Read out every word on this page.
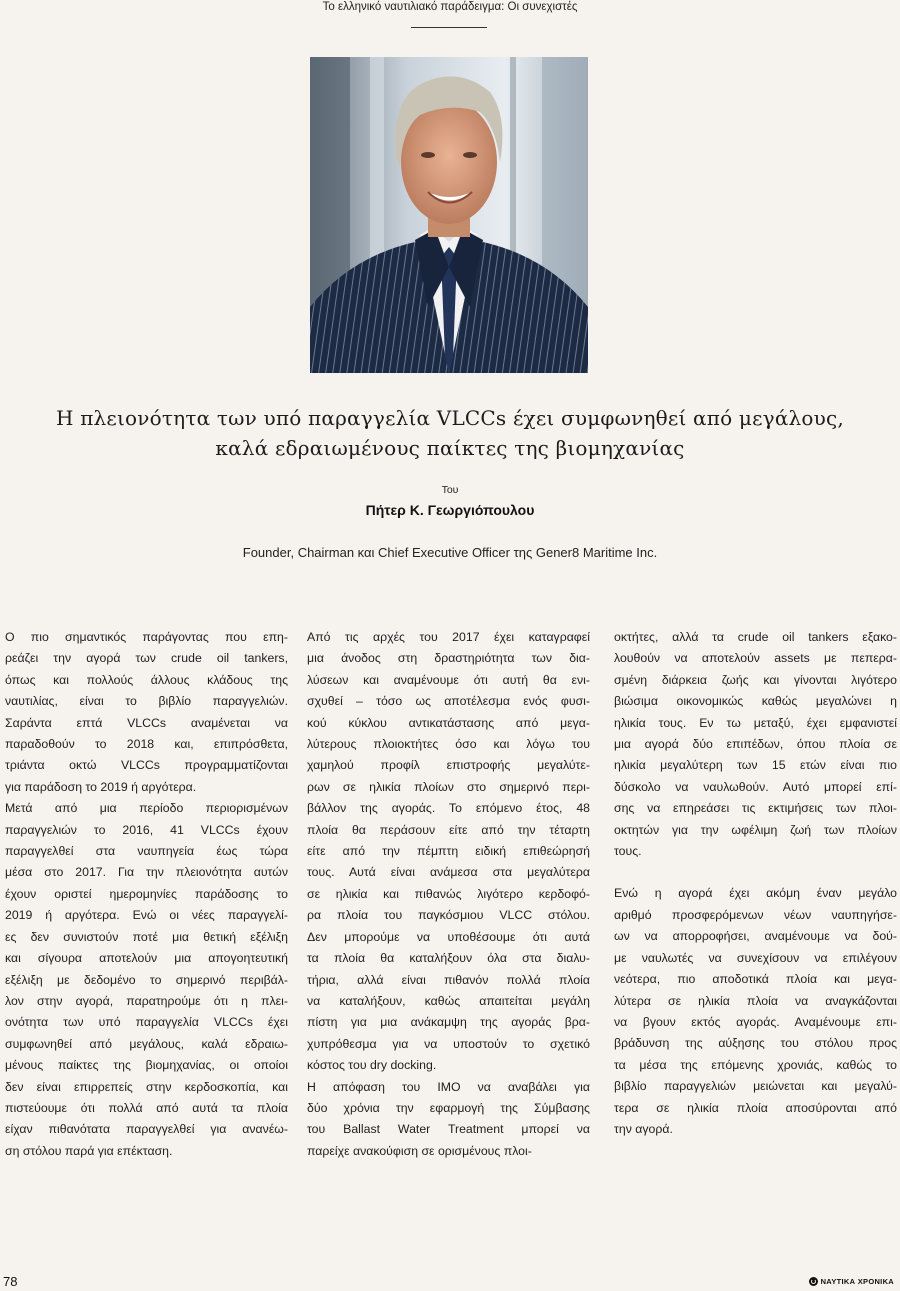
Το ελληνικό ναυτιλιακό παράδειγμα: Οι συνεχιστές
Η πλειονότητα των υπό παραγγελία VLCCs έχει συμφωνηθεί από μεγάλους,
καλά εδραιωμένους παίκτες της βιομηχανίας
Του
Πήτερ Κ. Γεωργιόπουλου
Founder, Chairman και Chief Executive Officer της Gener8 Maritime Inc.

Ο πιο σημαντικός παράγοντας που επη-

ρεάζει την αγορά των crude oil tankers,

όπως και πολλούς άλλους κλάδους της

ναυτιλίας, είναι το βιβλίο παραγγελιών.

Σαράντα επτά VLCCs αναμένεται να

παραδοθούν το 2018 και, επιπρόσθετα,

τριάντα οκτώ VLCCs προγραμματίζονται

για παράδοση το 2019 ή αργότερα.

Μετά από μια περίοδο περιορισμένων

παραγγελιών το 2016, 41 VLCCs έχουν

παραγγελθεί στα ναυπηγεία έως τώρα

μέσα στο 2017. Για την πλειονότητα αυτών

έχουν οριστεί ημερομηνίες παράδοσης το

2019 ή αργότερα. Ενώ οι νέες παραγγελί-

ες δεν συνιστούν ποτέ μια θετική εξέλιξη

και σίγουρα αποτελούν μια απογοητευτική

εξέλιξη με δεδομένο το σημερινό περιβάλ-

λον στην αγορά, παρατηρούμε ότι η πλει-

ονότητα των υπό παραγγελία VLCCs έχει

συμφωνηθεί από μεγάλους, καλά εδραιω-

μένους παίκτες της βιομηχανίας, οι οποίοι

δεν είναι επιρρεπείς στην κερδοσκοπία, και

πιστεύουμε ότι πολλά από αυτά τα πλοία

είχαν πιθανότατα παραγγελθεί για ανανέω-

ση στόλου παρά για επέκταση.

Από τις αρχές του 2017 έχει καταγραφεί

μια άνοδος στη δραστηριότητα των δια-

λύσεων και αναμένουμε ότι αυτή θα ενι-

σχυθεί – τόσο ως αποτέλεσμα ενός φυσι-

κού κύκλου αντικατάστασης από μεγα-

λύτερους πλοιοκτήτες όσο και λόγω του

χαμηλού προφίλ επιστροφής μεγαλύτε-

ρων σε ηλικία πλοίων στο σημερινό περι-

βάλλον της αγοράς. Το επόμενο έτος, 48

πλοία θα περάσουν είτε από την τέταρτη

είτε από την πέμπτη ειδική επιθεώρησή

τους. Αυτά είναι ανάμεσα στα μεγαλύτερα

σε ηλικία και πιθανώς λιγότερο κερδοφό-

ρα πλοία του παγκόσμιου VLCC στόλου.

Δεν μπορούμε να υποθέσουμε ότι αυτά

τα πλοία θα καταλήξουν όλα στα διαλυ-

τήρια, αλλά είναι πιθανόν πολλά πλοία

να καταλήξουν, καθώς απαιτείται μεγάλη

πίστη για μια ανάκαμψη της αγοράς βρα-

χυπρόθεσμα για να υποστούν το σχετικό

κόστος του dry docking.

Η απόφαση του IMO να αναβάλει για

δύο χρόνια την εφαρμογή της Σύμβασης

του Ballast Water Treatment μπορεί να

παρείχε ανακούφιση σε ορισμένους πλοι-

οκτήτες, αλλά τα crude oil tankers εξακο-

λουθούν να αποτελούν assets με πεπερα-

σμένη διάρκεια ζωής και γίνονται λιγότερο

βιώσιμα οικονομικώς καθώς μεγαλώνει η

ηλικία τους. Εν τω μεταξύ, έχει εμφανιστεί

μια αγορά δύο επιπέδων, όπου πλοία σε

ηλικία μεγαλύτερη των 15 ετών είναι πιο

δύσκολο να ναυλωθούν. Αυτό μπορεί επί-

σης να επηρεάσει τις εκτιμήσεις των πλοι-

οκτητών για την ωφέλιμη ζωή των πλοίων

τους.

Ενώ η αγορά έχει ακόμη έναν μεγάλο

αριθμό προσφερόμενων νέων ναυπηγήσε-

ων να απορροφήσει, αναμένουμε να δού-

με ναυλωτές να συνεχίσουν να επιλέγουν

νεότερα, πιο αποδοτικά πλοία και μεγα-

λύτερα σε ηλικία πλοία να αναγκάζονται

να βγουν εκτός αγοράς. Αναμένουμε επι-

βράδυνση της αύξησης του στόλου προς

τα μέσα της επόμενης χρονιάς, καθώς το

βιβλίο παραγγελιών μειώνεται και μεγαλύ-

τερα σε ηλικία πλοία αποσύρονται από

την αγορά.

78	ΝΑΥΤΙΚΑ ΧΡΟΝΙΚΑ
